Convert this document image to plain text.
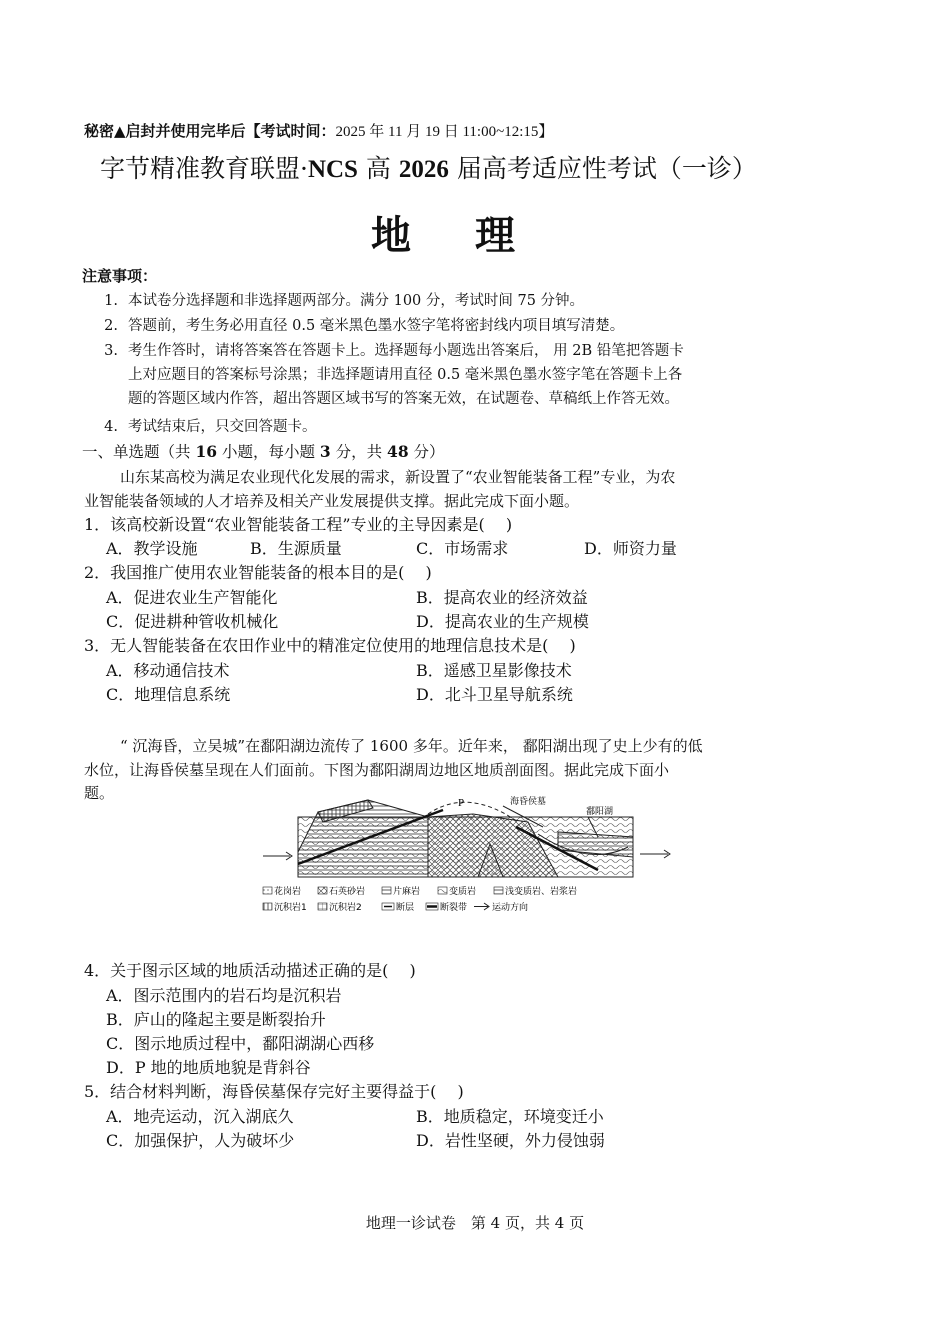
秘密▲启封并使用完毕后【考试时间：2025 年 11 月 19 日 11:00~12:15】
字节精准教育联盟·NCS 高 2026 届高考适应性考试（一诊）
地理
注意事项：
1. 本试卷分选择题和非选择题两部分。满分 100 分，考试时间 75 分钟。
2. 答题前，考生务必用直径 0.5 毫米黑色墨水签字笔将密封线内项目填写清楚。
3. 考生作答时，请将答案答在答题卡上。选择题每小题选出答案后， 用 2B 铅笔把答题卡
上对应题目的答案标号涂黑；非选择题请用直径 0.5 毫米黑色墨水签字笔在答题卡上各
题的答题区域内作答，超出答题区域书写的答案无效，在试题卷、草稿纸上作答无效。
4. 考试结束后，只交回答题卡。
一、单选题（共 16 小题，每小题 3 分，共 48 分）
山东某高校为满足农业现代化发展的需求，新设置了“农业智能装备工程”专业，为农
业智能装备领域的人才培养及相关产业发展提供支撑。据此完成下面小题。
1．该高校新设置“农业智能装备工程”专业的主导因素是(　 )
A．教学设施	B．生源质量	C．市场需求	D．师资力量
2．我国推广使用农业智能装备的根本目的是(　 )
A．促进农业生产智能化	B．提高农业的经济效益
C．促进耕种管收机械化	D．提高农业的生产规模
3．无人智能装备在农田作业中的精准定位使用的地理信息技术是(　 )
A．移动通信技术	B．遥感卫星影像技术
C．地理信息系统	D．北斗卫星导航系统
“ 沉海昏，立吴城”在鄱阳湖边流传了 1600 多年。近年来， 鄱阳湖出现了史上少有的低
水位，让海昏侯墓呈现在人们面前。下图为鄱阳湖周边地区地质剖面图。据此完成下面小
题。
P	海昏侯墓
鄱阳湖
花岗岩	石英砂岩	片麻岩	变质岩	浅变质岩、岩浆岩
沉积岩1 沉积岩2	断层	断裂带	运动方向
4．关于图示区域的地质活动描述正确的是(　 )
A．图示范围内的岩石均是沉积岩
B．庐山的隆起主要是断裂抬升
C．图示地质过程中，鄱阳湖湖心西移
D．P 地的地质地貌是背斜谷
5．结合材料判断，海昏侯墓保存完好主要得益于(　 )
A．地壳运动，沉入湖底久	B．地质稳定，环境变迁小
C．加强保护，人为破坏少	D．岩性坚硬，外力侵蚀弱
地理一诊试卷　第 4 页，共 4 页
